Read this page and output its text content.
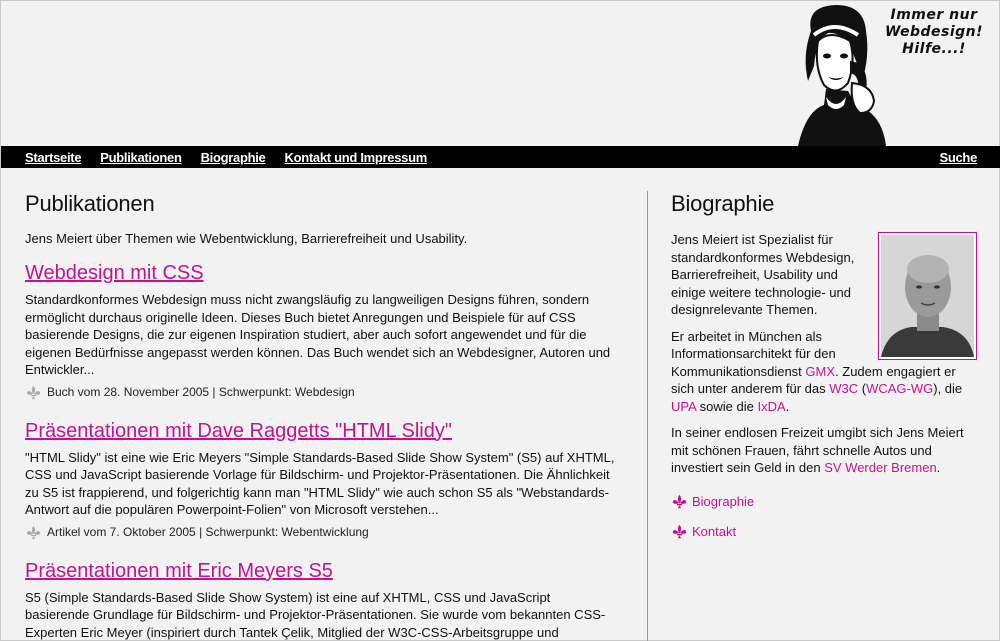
Immer nur
Webdesign!
Hilfe...!
Startseite Publikationen Biographie Kontakt und Impressum	Suche
Publikationen

Jens Meiert über Themen wie Webentwicklung, Barrierefreiheit und Usability.

Webdesign mit CSS

Standardkonformes Webdesign muss nicht zwangsläufig zu langweiligen Designs führen, sondern ermöglicht durchaus originelle Ideen. Dieses Buch bietet Anregungen und Beispiele für auf CSS basierende Designs, die zur eigenen Inspiration studiert, aber auch sofort angewendet und für die eigenen Bedürfnisse angepasst werden können. Das Buch wendet sich an Webdesigner, Autoren und Entwickler...

Buch vom 28. November 2005 | Schwerpunkt: Webdesign
Präsentationen mit Dave Raggetts "HTML Slidy"

"HTML Slidy" ist eine wie Eric Meyers "Simple Standards-Based Slide Show System" (S5) auf XHTML, CSS und JavaScript basierende Vorlage für Bildschirm- und Projektor-Präsentationen. Die Ähnlichkeit zu S5 ist frappierend, und folgerichtig kann man "HTML Slidy" wie auch schon S5 als "Webstandards-Antwort auf die populären Powerpoint-Folien" von Microsoft verstehen...

Artikel vom 7. Oktober 2005 | Schwerpunkt: Webentwicklung
Präsentationen mit Eric Meyers S5

S5 (Simple Standards-Based Slide Show System) ist eine auf XHTML, CSS und JavaScript basierende Grundlage für Bildschirm- und Projektor-Präsentationen. Sie wurde vom bekannten CSS-Experten Eric Meyer (inspiriert durch Tantek Çelik, Mitglied der W3C-CSS-Arbeitsgruppe und

Biographie

Jens Meiert ist Spezialist für standardkonformes Webdesign, Barrierefreiheit, Usability und einige weitere technologie- und designrelevante Themen.

Er arbeitet in München als Informationsarchitekt für den Kommunikationsdienst GMX. Zudem engagiert er sich unter anderem für das W3C (WCAG-WG), die UPA sowie die IxDA.

In seiner endlosen Freizeit umgibt sich Jens Meiert mit schönen Frauen, fährt schnelle Autos und investiert sein Geld in den SV Werder Bremen.

Biographie
Kontakt
